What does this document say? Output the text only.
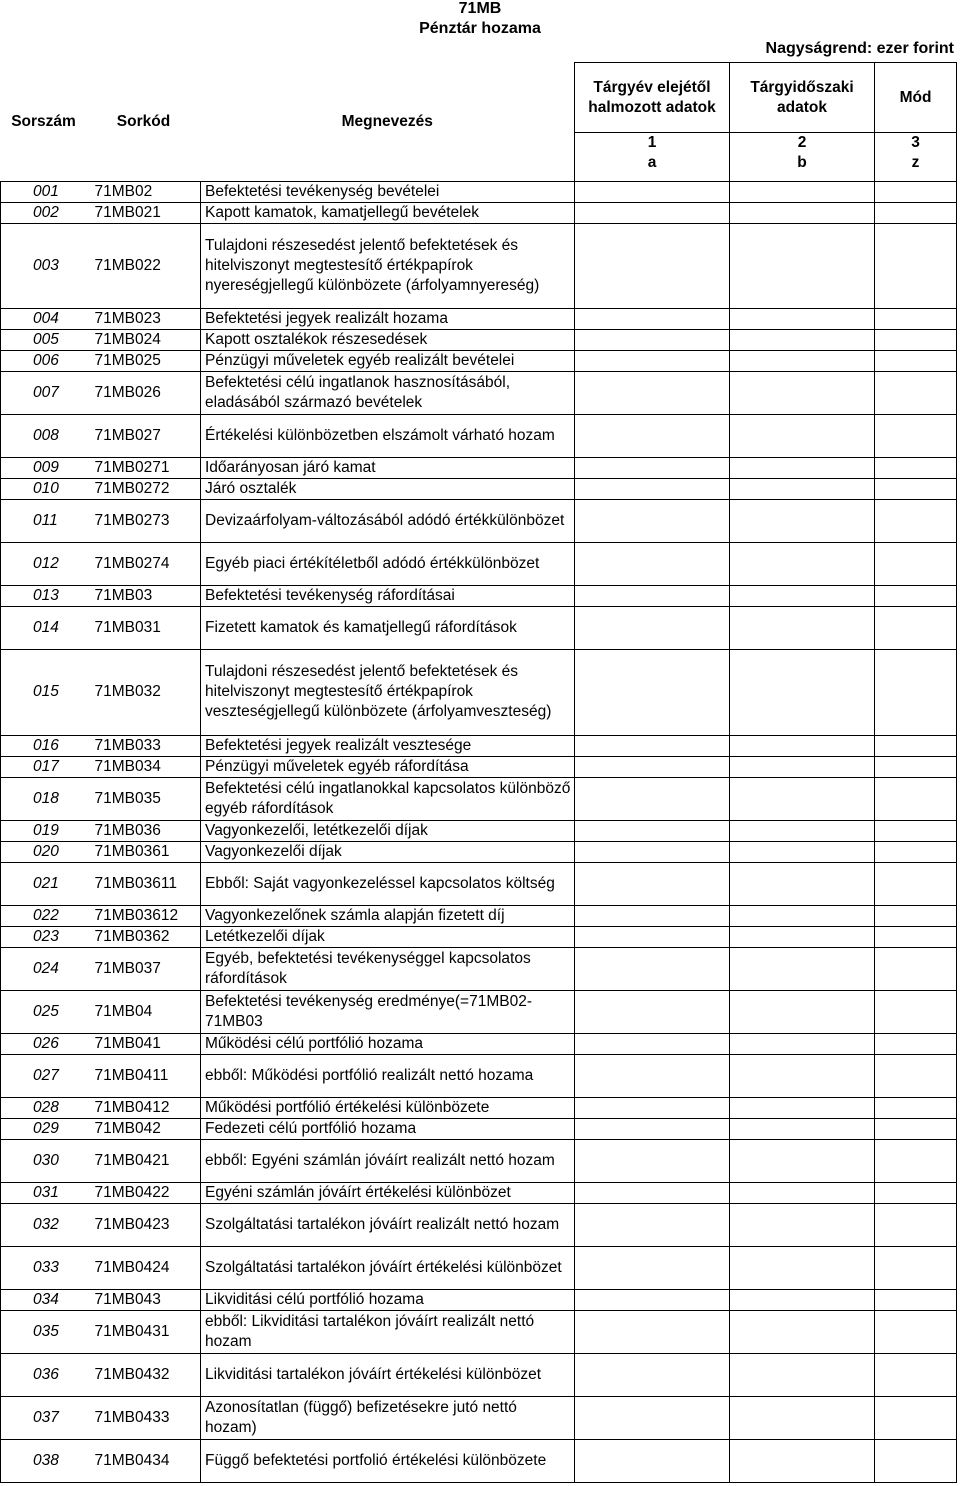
71MB
Pénztár hozama
Nagyságrend: ezer forint
Sorszám	Sorkód	Megnevezés	Tárgyév elejétől halmozott adatok	Tárgyidőszaki adatok	Mód
			1	2	3
			a	b	z
001	71MB02	Befektetési tevékenység bevételei			
002	71MB021	Kapott kamatok, kamatjellegű bevételek			
003	71MB022	Tulajdoni részesedést jelentő befektetések és hitelviszonyt megtestesítő értékpapírok nyereségjellegű különbözete (árfolyamnyereség)			
004	71MB023	Befektetési jegyek realizált hozama			
005	71MB024	Kapott osztalékok részesedések			
006	71MB025	Pénzügyi műveletek egyéb realizált bevételei			
007	71MB026	Befektetési célú ingatlanok hasznosításából, eladásából származó bevételek			
008	71MB027	Értékelési különbözetben elszámolt várható hozam			
009	71MB0271	Időarányosan járó kamat			
010	71MB0272	Járó osztalék			
011	71MB0273	Devizaárfolyam-változásából adódó értékkülönbözet			
012	71MB0274	Egyéb piaci értékítéletből adódó értékkülönbözet			
013	71MB03	Befektetési tevékenység ráfordításai			
014	71MB031	Fizetett kamatok és kamatjellegű ráfordítások			
015	71MB032	Tulajdoni részesedést jelentő befektetések és hitelviszonyt megtestesítő értékpapírok veszteségjellegű különbözete (árfolyamveszteség)			
016	71MB033	Befektetési jegyek realizált vesztesége			
017	71MB034	Pénzügyi műveletek egyéb ráfordítása			
018	71MB035	Befektetési célú ingatlanokkal kapcsolatos különböző egyéb ráfordítások			
019	71MB036	Vagyonkezelői, letétkezelői díjak			
020	71MB0361	Vagyonkezelői díjak			
021	71MB03611	Ebből: Saját vagyonkezeléssel kapcsolatos költség			
022	71MB03612	Vagyonkezelőnek számla alapján fizetett díj			
023	71MB0362	Letétkezelői díjak			
024	71MB037	Egyéb, befektetési tevékenységgel kapcsolatos ráfordítások			
025	71MB04	Befektetési tevékenység eredménye(=71MB02-71MB03			
026	71MB041	Működési célú portfólió hozama			
027	71MB0411	ebből: Működési portfólió realizált nettó hozama			
028	71MB0412	Működési portfólió értékelési különbözete			
029	71MB042	Fedezeti célú portfólió hozama			
030	71MB0421	ebből: Egyéni számlán jóváírt realizált nettó hozam			
031	71MB0422	Egyéni számlán jóváírt értékelési különbözet			
032	71MB0423	Szolgáltatási tartalékon jóváírt realizált nettó hozam			
033	71MB0424	Szolgáltatási tartalékon jóváírt értékelési különbözet			
034	71MB043	Likviditási célú portfólió hozama			
035	71MB0431	ebből: Likviditási tartalékon jóváírt realizált nettó hozam			
036	71MB0432	Likviditási tartalékon jóváírt értékelési különbözet			
037	71MB0433	Azonosítatlan (függő) befizetésekre jutó nettó hozam)			
038	71MB0434	Függő befektetési portfolió értékelési különbözete			
